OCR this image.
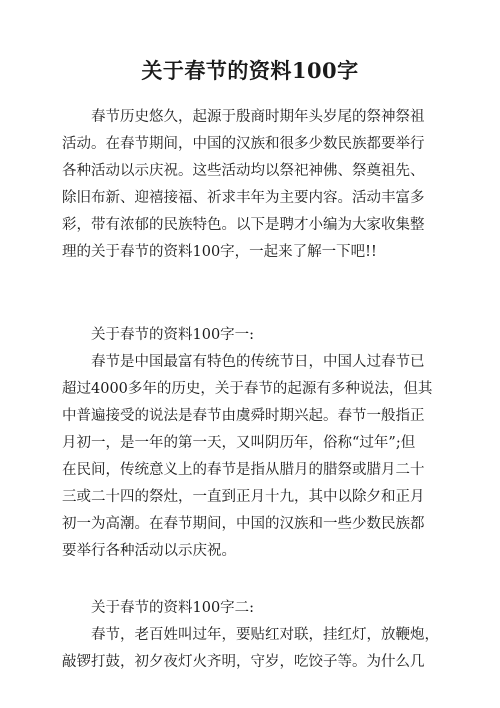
关于春节的资料100字

春节历史悠久，起源于殷商时期年头岁尾的祭神祭祖
活动。在春节期间，中国的汉族和很多少数民族都要举行
各种活动以示庆祝。这些活动均以祭祀神佛、祭奠祖先、
除旧布新、迎禧接福、祈求丰年为主要内容。活动丰富多
彩，带有浓郁的民族特色。以下是聘才小编为大家收集整
理的关于春节的资料100字，一起来了解一下吧!!

关于春节的资料100字一:

春节是中国最富有特色的传统节日，中国人过春节已
超过4000多年的历史，关于春节的起源有多种说法，但其
中普遍接受的说法是春节由虞舜时期兴起。春节一般指正
月初一，是一年的第一天，又叫阴历年，俗称“过年”;但
在民间，传统意义上的春节是指从腊月的腊祭或腊月二十
三或二十四的祭灶，一直到正月十九，其中以除夕和正月
初一为高潮。在春节期间，中国的汉族和一些少数民族都
要举行各种活动以示庆祝。

关于春节的资料100字二:

春节，老百姓叫过年，要贴红对联，挂红灯，放鞭炮，
敲锣打鼓，初夕夜灯火齐明，守岁，吃饺子等。为什么几
